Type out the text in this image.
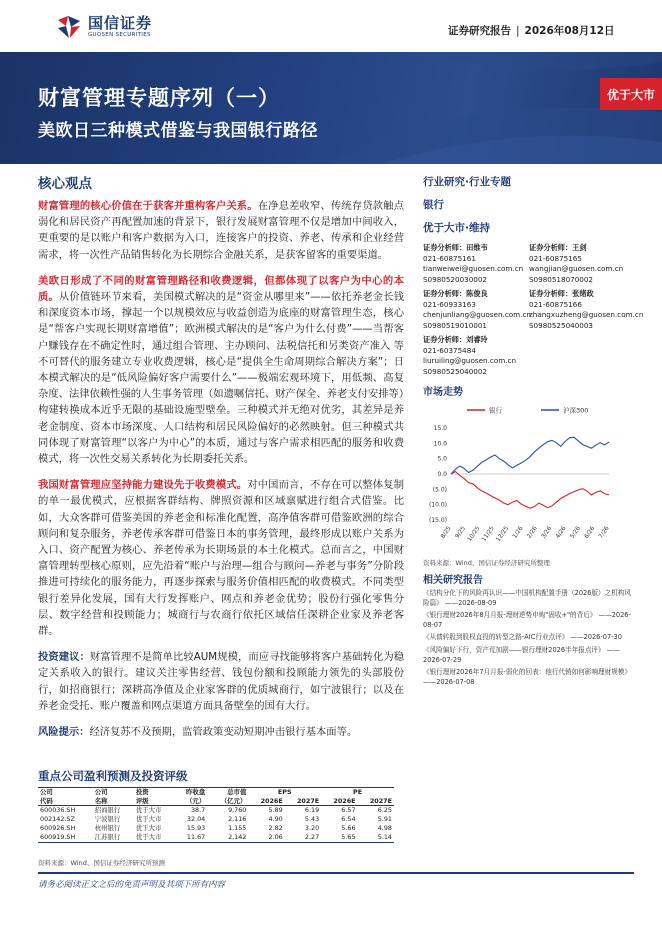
国信证券
GUOSEN SECURITIES	证券研究报告 | 2026年08月12日
财富管理专题序列（一）
美欧日三种模式借鉴与我国银行路径
优于大市
核心观点

财富管理的核心价值在于获客并重构客户关系。在净息差收窄、传统存贷款触点弱化和居民资产再配置加速的背景下，银行发展财富管理不仅是增加中间收入，更重要的是以账户和客户数据为入口，连接客户的投资、养老、传承和企业经营需求，将一次性产品销售转化为长期综合金融关系，是获客留客的重要渠道。

美欧日形成了不同的财富管理路径和收费逻辑，但都体现了以客户为中心的本质。从价值链环节来看，美国模式解决的是“资金从哪里来”——依托养老金长钱和深度资本市场，撑起一个以规模效应与收益创造为底座的财富管理生态，核心是“帮客户实现长期财富增值”；欧洲模式解决的是“客户为什么付费”——当帮客户赚钱存在不确定性时，通过组合管理、主办顾问、法税信托和另类资产准入 等不可替代的服务建立专业收费逻辑，核心是“提供全生命周期综合解决方案”；日本模式解决的是“低风险偏好客户需要什么”——极端宏观环境下，用低频、高复杂度、法律依赖性强的人生事务管理（如遗嘱信托、财产保全、养老支付安排等）构建转换成本近乎无限的基础设施型壁垒。三种模式并无绝对优劣，其差异是养老金制度、资本市场深度、人口结构和居民风险偏好的必然映射。但三种模式共同体现了财富管理“以客户为中心”的本质，通过与客户需求相匹配的服务和收费模式，将一次性交易关系转化为长期委托关系。

我国财富管理应坚持能力建设先于收费模式。对中国而言，不存在可以整体复制的单一最优模式，应根据客群结构、牌照资源和区域禀赋进行组合式借鉴。比如，大众客群可借鉴美国的养老金和标准化配置，高净值客群可借鉴欧洲的综合顾问和复杂服务，养老传承客群可借鉴日本的事务管理，最终形成以账户关系为入口、资产配置为核心、养老传承为长期场景的本土化模式。总而言之，中国财富管理转型核心原则，应先沿着“账户与治理—组合与顾问—养老与事务”分阶段推进可持续化的服务能力，再逐步探索与服务价值相匹配的收费模式。不同类型银行差异化发展，国有大行发挥账户、网点和养老金优势；股份行强化零售分层、数字经营和投顾能力；城商行与农商行依托区域信任深耕企业家及养老客群。

投资建议：财富管理不是简单比较AUM规模，而应寻找能够将客户基础转化为稳定关系收入的银行。建议关注零售经营、钱包份额和投顾能力领先的头部股份行，如招商银行；深耕高净值及企业家客群的优质城商行，如宁波银行；以及在养老金受托、账户覆盖和网点渠道方面具备壁垒的国有大行。

风险提示：经济复苏不及预期，监管政策变动短期冲击银行基本面等。

行业研究·行业专题
银行
优于大市·维持
证券分析师：田维韦
021-60875161
tianweiwei@guosen.com.cn
S0980520030002
证券分析师：王剑
021-60875165
wangjian@guosen.com.cn
S0980518070002
证券分析师：陈俊良
021-60933163
chenjunliang@guosen.com.cn
S0980519010001
证券分析师：张绪政
021-60875166
zhangxuzheng@guosen.com.cn
S0980525040003
证券分析师：刘睿玲
021-60375484
liuruiling@guosen.com.cn
S0980525040002
市场走势
银行	沪深300
15.0
10.0
5.0
0.0
(5.0)
(10.0)
(15.0)
8/25 9/25 10/25 11/25 12/25 1/26 2/26 3/26 4/26 5/26 6/26 7/26
资料来源：Wind、国信证券经济研究所整理
相关研究报告
《结构分化下的风险再认识——中国机构配置手册（2026版）之机构风险篇》 ——2026-08-09
《银行理财2026年8月月报-理财逆势申购"固收+"的背后》 ——2026-08-07
《从债转股到股权直投的转型之路-AIC行业点评》 ——2026-07-30
《风险偏好下行，资产荒加剧——银行理财2026半年报点评》 ——2026-07-29
《银行理财2026年7月月报-弱化的回表：他行代销如何影响理财规模》 ——2026-07-08
重点公司盈利预测及投资评级
公司	公司	投资	昨收盘	总市值	EPS		PE	
代码	名称	评级	（元）	（亿元）	2026E	2027E	2026E	2027E
600036.SH	招商银行	优于大市	38.7	9,760	5.89	6.19	6.57	6.25
002142.SZ	宁波银行	优于大市	32.04	2,116	4.90	5.43	6.54	5.91
600926.SH	杭州银行	优于大市	15.93	1,155	2.82	3.20	5.66	4.98
600919.SH	江苏银行	优于大市	11.67	2,142	2.06	2.27	5.65	5.14
资料来源：Wind、国信证券经济研究所预测
请务必阅读正文之后的免责声明及其项下所有内容
